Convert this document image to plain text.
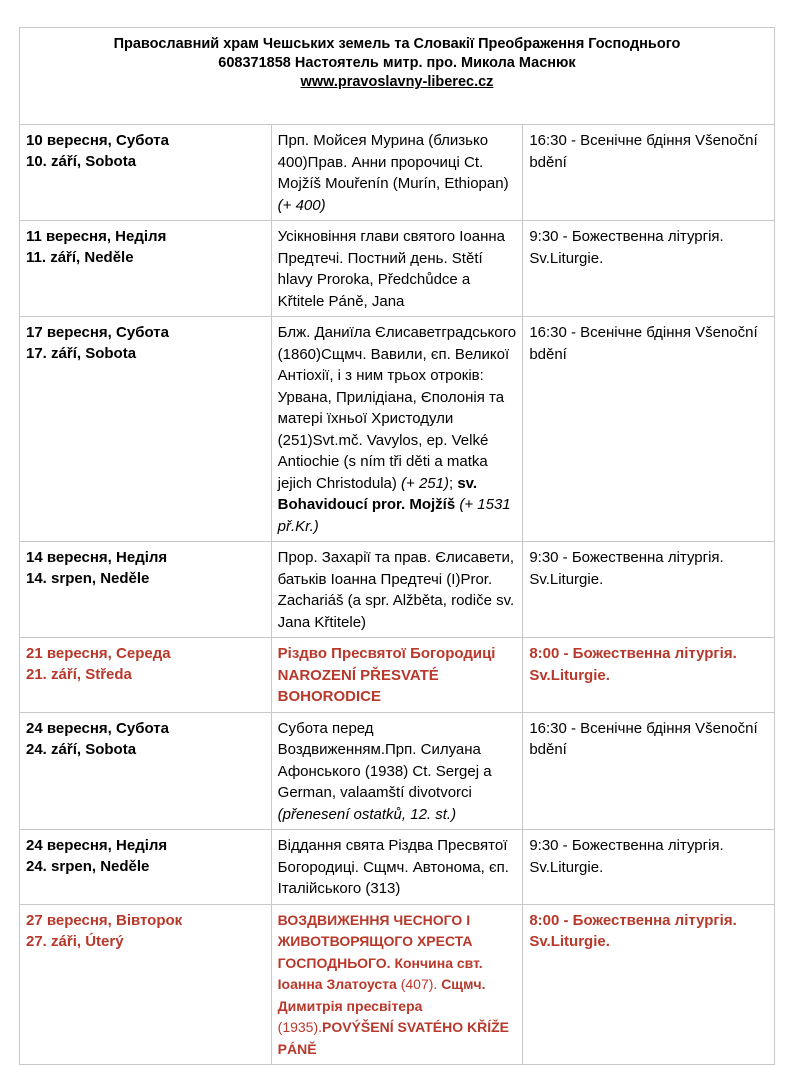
Православний храм Чешських земель та Словакії Преображення Господнього
608371858 Настоятель митр. про. Микола Маснюк
www.pravoslavny-liberec.cz		

10 вересня, Субота
10. září, Sobota	Прп. Мойсея Мурина (близько 400)Прав. Анни пророчиці Ct. Mojžíš Mouřenín (Murín, Ethiopan) (+ 400)	16:30 - Всенічне бдіння Všenoční bdění

11 вересня, Неділя
11. září, Neděle	Усікновіння глави святого Іоанна Предтечі. Постний день. Stětí hlavy Proroka, Předchůdce a Křtitele Páně, Jana	9:30 - Божественна літургія. Sv.Liturgie.

17 вересня, Субота
17. září, Sobota	Блж. Даниїла Єлисаветградського (1860)Сщмч. Вавили, єп. Великої Антіохії, і з ним трьох отроків: Урвана, Прилідіана, Єполонія та матері їхньої Христодули (251)Svt.mč. Vavylos, ep. Velké Antiochie (s ním tři děti a matka jejich Christodula) (+ 251); sv. Bohavidoucí pror. Mojžíš (+ 1531 př.Kr.)	16:30 - Всенічне бдіння Všenoční bdění

14 вересня, Неділя
14. srpen, Neděle	Прор. Захарії та прав. Єлисавети, батьків Іоанна Предтечі (I)Pror. Zachariáš (a spr. Alžběta, rodiče sv. Jana Křtitele)	9:30 - Божественна літургія. Sv.Liturgie.

21 вересня, Середа
21. září, Středa	Різдво Пресвятої Богородиці NAROZENÍ PŘESVATÉ BOHORODICE	8:00 - Божественна літургія. Sv.Liturgie.

24 вересня, Субота
24. září, Sobota	Субота перед Воздвиженням.Прп. Силуана Афонського (1938) Ct. Sergej a German, valaamští divotvorci (přenesení ostatků, 12. st.)	16:30 - Всенічне бдіння Všenoční bdění

24 вересня, Неділя
24. srpen, Neděle	Віддання свята Різдва Пресвятої Богородиці. Сщмч. Автонома, єп. Італійського (313)	9:30 - Божественна літургія. Sv.Liturgie.

27 вересня, Вівторок
27. záři, Úterý	ВОЗДВИЖЕННЯ ЧЕСНОГО І ЖИВОТВОРЯЩОГО ХРЕСТА ГОСПОДНЬОГО. Кончина свт. Іоанна Златоуста (407). Сщмч. Димитрія пресвітера (1935).POVÝŠENÍ SVATÉHO KŘÍŽE PÁNĚ	8:00 - Божественна літургія. Sv.Liturgie.
